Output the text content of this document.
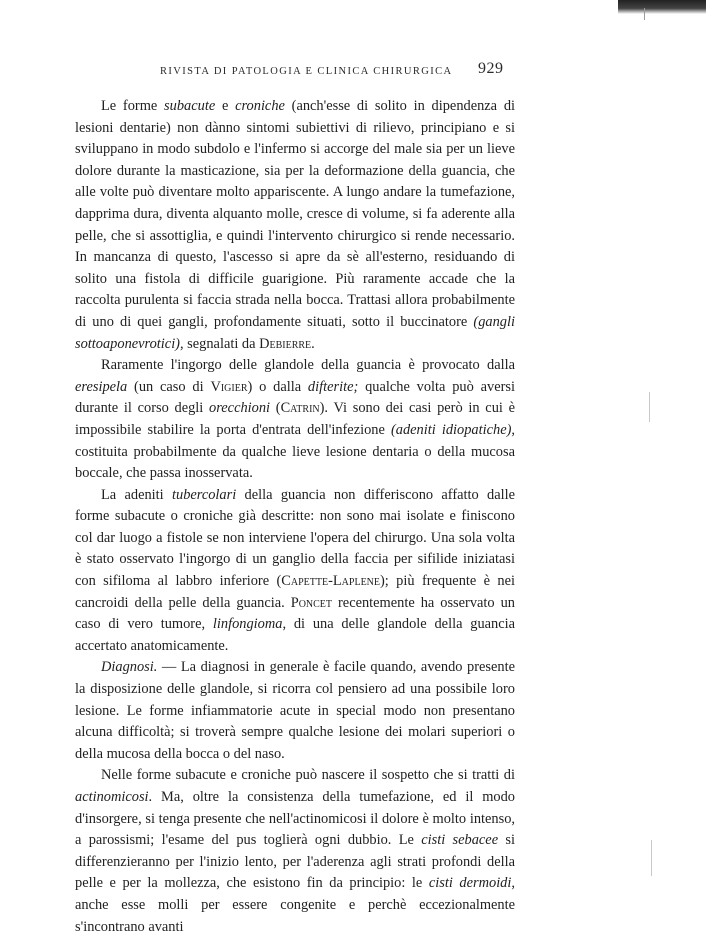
RIVISTA DI PATOLOGIA E CLINICA CHIRURGICA 929

Le forme subacute e croniche (anch'esse di solito in dipendenza di lesioni dentarie) non dànno sintomi subiettivi di rilievo, principiano e si sviluppano in modo subdolo e l'infermo si accorge del male sia per un lieve dolore durante la masticazione, sia per la deformazione della guancia, che alle volte può diventare molto appariscente. A lungo andare la tumefazione, dapprima dura, diventa alquanto molle, cresce di volume, si fa aderente alla pelle, che si assottiglia, e quindi l'intervento chirurgico si rende necessario. In mancanza di questo, l'ascesso si apre da sè all'esterno, residuando di solito una fistola di difficile guarigione. Più raramente accade che la raccolta purulenta si faccia strada nella bocca. Trattasi allora probabilmente di uno di quei gangli, profondamente situati, sotto il buccinatore (gangli sottoaponevrotici), segnalati da Debierre.

Raramente l'ingorgo delle glandole della guancia è provocato dalla eresipela (un caso di Vigier) o dalla difterite; qualche volta può aversi durante il corso degli orecchioni (Catrin). Vi sono dei casi però in cui è impossibile stabilire la porta d'entrata dell'infezione (adeniti idiopatiche), costituita probabilmente da qualche lieve lesione dentaria o della mucosa boccale, che passa inosservata.

La adeniti tubercolari della guancia non differiscono affatto dalle forme subacute o croniche già descritte: non sono mai isolate e finiscono col dar luogo a fistole se non interviene l'opera del chirurgo. Una sola volta è stato osservato l'ingorgo di un ganglio della faccia per sifilide iniziatasi con sifiloma al labbro inferiore (Capette-Laplene); più frequente è nei cancroidi della pelle della guancia. Poncet recentemente ha osservato un caso di vero tumore, linfongioma, di una delle glandole della guancia accertato anatomicamente.

Diagnosi. — La diagnosi in generale è facile quando, avendo presente la disposizione delle glandole, si ricorra col pensiero ad una possibile loro lesione. Le forme infiammatorie acute in special modo non presentano alcuna difficoltà; si troverà sempre qualche lesione dei molari superiori o della mucosa della bocca o del naso.

Nelle forme subacute e croniche può nascere il sospetto che si tratti di actinomicosi. Ma, oltre la consistenza della tumefazione, ed il modo d'insorgere, si tenga presente che nell'actinomicosi il dolore è molto intenso, a parossismi; l'esame del pus toglierà ogni dubbio. Le cisti sebacee si differenzieranno per l'inizio lento, per l'aderenza agli strati profondi della pelle e per la mollezza, che esistono fin da principio: le cisti dermoidi, anche esse molli per essere congenite e perchè eccezionalmente s'incontrano avanti
